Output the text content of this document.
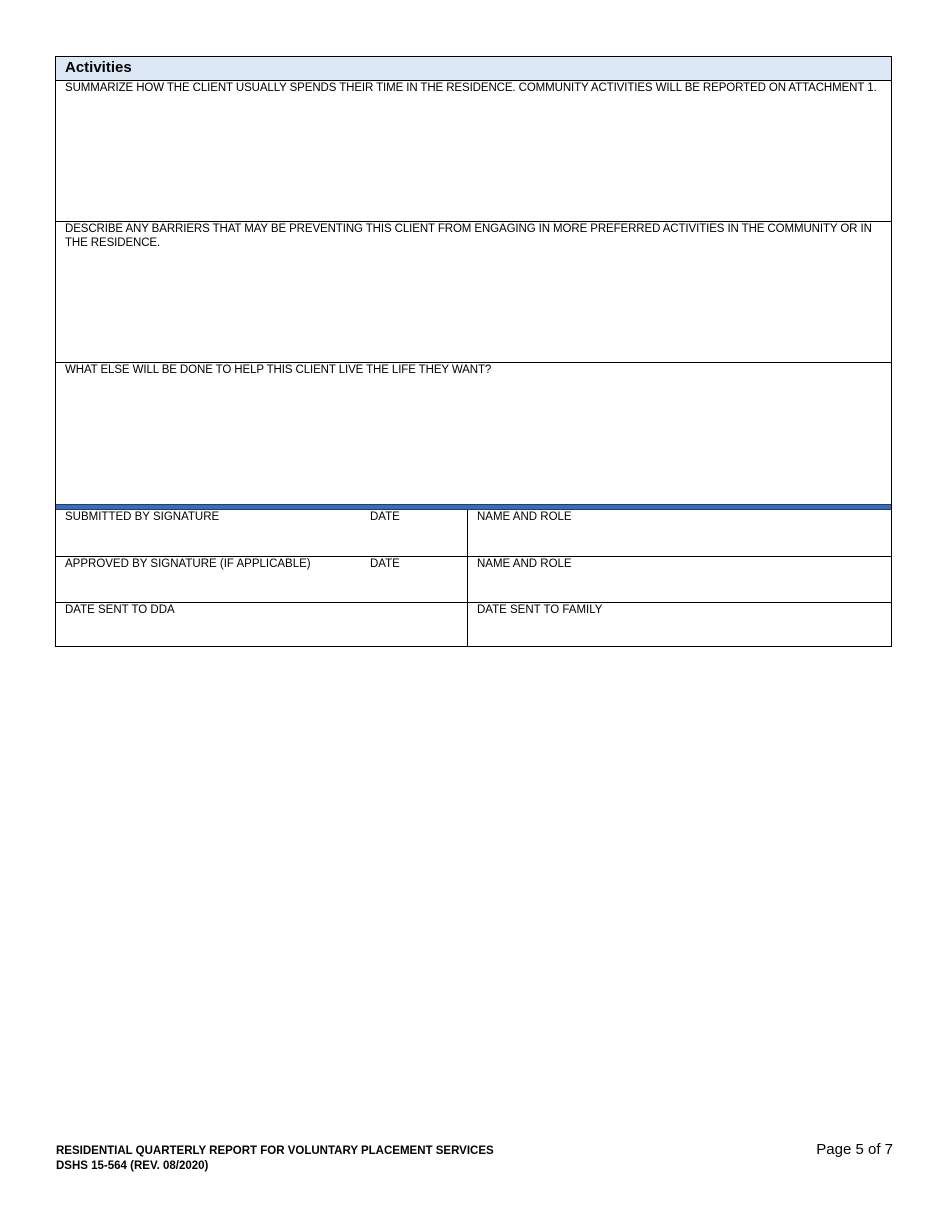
Activities
SUMMARIZE HOW THE CLIENT USUALLY SPENDS THEIR TIME IN THE RESIDENCE. COMMUNITY ACTIVITIES WILL BE REPORTED ON ATTACHMENT 1.
DESCRIBE ANY BARRIERS THAT MAY BE PREVENTING THIS CLIENT FROM ENGAGING IN MORE PREFERRED ACTIVITIES IN THE COMMUNITY OR IN THE RESIDENCE.
WHAT ELSE WILL BE DONE TO HELP THIS CLIENT LIVE THE LIFE THEY WANT?
SUBMITTED BY SIGNATURE	DATE	NAME AND ROLE
APPROVED BY SIGNATURE (IF APPLICABLE)	DATE	NAME AND ROLE
DATE SENT TO DDA	DATE SENT TO FAMILY
RESIDENTIAL QUARTERLY REPORT FOR VOLUNTARY PLACEMENT SERVICES
DSHS 15-564 (REV. 08/2020)
Page 5 of 7
